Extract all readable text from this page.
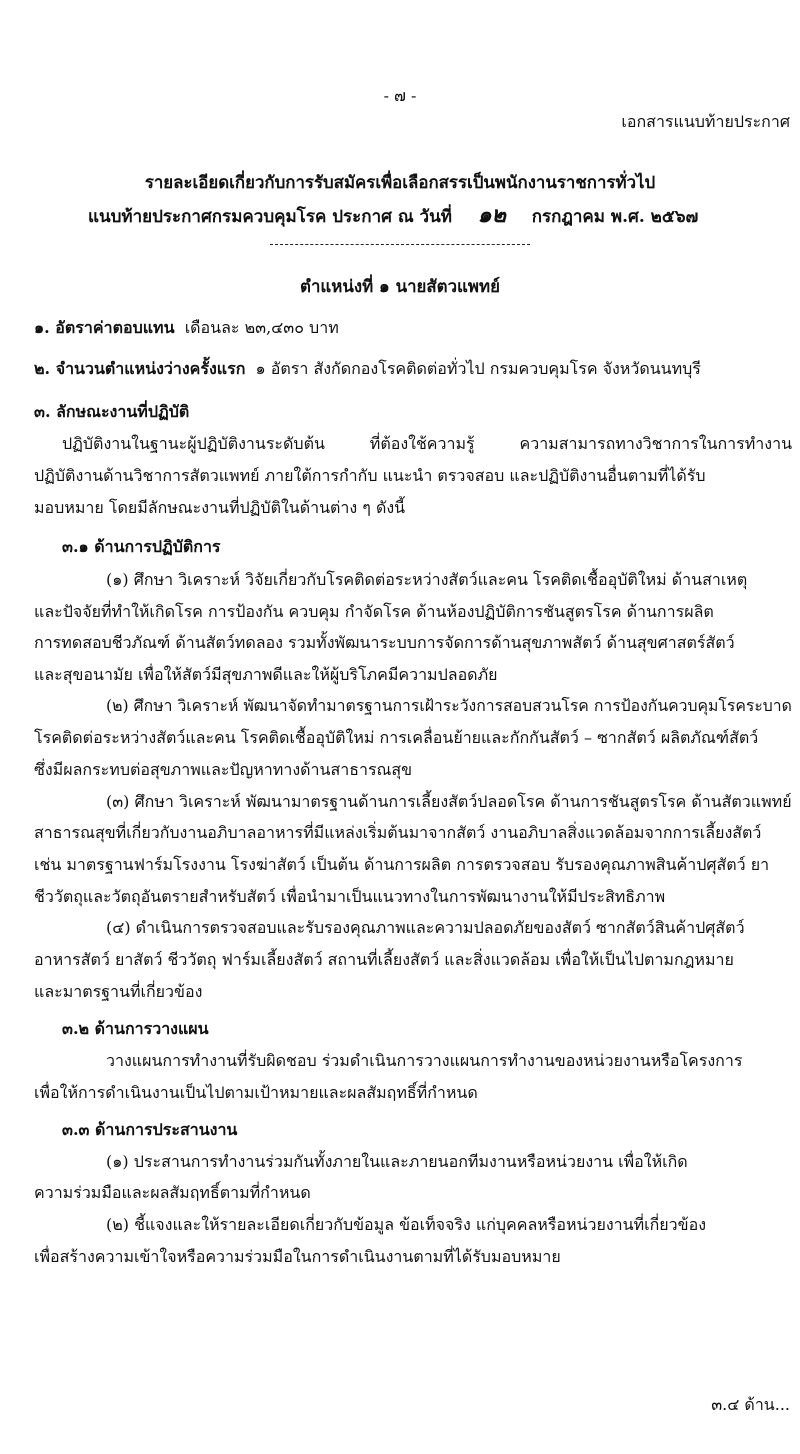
- ๗ -
เอกสารแนบท้ายประกาศ
รายละเอียดเกี่ยวกับการรับสมัครเพื่อเลือกสรรเป็นพนักงานราชการทั่วไป
แนบท้ายประกาศกรมควบคุมโรค ประกาศ ณ วันที่ ๑๒ กรกฎาคม พ.ศ. ๒๕๖๗
ตำแหน่งที่ ๑ นายสัตวแพทย์
๑. อัตราค่าตอบแทน เดือนละ ๒๓,๔๓๐ บาท
๒. จำนวนตำแหน่งว่างครั้งแรก ๑ อัตรา สังกัดกองโรคติดต่อทั่วไป กรมควบคุมโรค จังหวัดนนทบุรี
๓. ลักษณะงานที่ปฏิบัติ
ปฏิบัติงานในฐานะผู้ปฏิบัติงานระดับต้น ที่ต้องใช้ความรู้ ความสามารถทางวิชาการในการทำงาน
ปฏิบัติงานด้านวิชาการสัตวแพทย์ ภายใต้การกำกับ แนะนำ ตรวจสอบ และปฏิบัติงานอื่นตามที่ได้รับ
มอบหมาย โดยมีลักษณะงานที่ปฏิบัติในด้านต่าง ๆ ดังนี้
๓.๑ ด้านการปฏิบัติการ
(๑) ศึกษา วิเคราะห์ วิจัยเกี่ยวกับโรคติดต่อระหว่างสัตว์และคน โรคติดเชื้ออุบัติใหม่ ด้านสาเหตุ
และปัจจัยที่ทำให้เกิดโรค การป้องกัน ควบคุม กำจัดโรค ด้านห้องปฏิบัติการชันสูตรโรค ด้านการผลิต
การทดสอบชีวภัณฑ์ ด้านสัตว์ทดลอง รวมทั้งพัฒนาระบบการจัดการด้านสุขภาพสัตว์ ด้านสุขศาสตร์สัตว์
และสุขอนามัย เพื่อให้สัตว์มีสุขภาพดีและให้ผู้บริโภคมีความปลอดภัย
(๒) ศึกษา วิเคราะห์ พัฒนาจัดทำมาตรฐานการเฝ้าระวังการสอบสวนโรค การป้องกันควบคุมโรคระบาด
โรคติดต่อระหว่างสัตว์และคน โรคติดเชื้ออุบัติใหม่ การเคลื่อนย้ายและกักกันสัตว์ – ซากสัตว์ ผลิตภัณฑ์สัตว์
ซึ่งมีผลกระทบต่อสุขภาพและปัญหาทางด้านสาธารณสุข
(๓) ศึกษา วิเคราะห์ พัฒนามาตรฐานด้านการเลี้ยงสัตว์ปลอดโรค ด้านการชันสูตรโรค ด้านสัตวแพทย์
สาธารณสุขที่เกี่ยวกับงานอภิบาลอาหารที่มีแหล่งเริ่มต้นมาจากสัตว์ งานอภิบาลสิ่งแวดล้อมจากการเลี้ยงสัตว์
เช่น มาตรฐานฟาร์มโรงงาน โรงฆ่าสัตว์ เป็นต้น ด้านการผลิต การตรวจสอบ รับรองคุณภาพสินค้าปศุสัตว์ ยา
ชีววัตถุและวัตถุอันตรายสำหรับสัตว์ เพื่อนำมาเป็นแนวทางในการพัฒนางานให้มีประสิทธิภาพ
(๔) ดำเนินการตรวจสอบและรับรองคุณภาพและความปลอดภัยของสัตว์ ซากสัตว์สินค้าปศุสัตว์
อาหารสัตว์ ยาสัตว์ ชีววัตถุ ฟาร์มเลี้ยงสัตว์ สถานที่เลี้ยงสัตว์ และสิ่งแวดล้อม เพื่อให้เป็นไปตามกฎหมาย
และมาตรฐานที่เกี่ยวข้อง
๓.๒ ด้านการวางแผน
วางแผนการทำงานที่รับผิดชอบ ร่วมดำเนินการวางแผนการทำงานของหน่วยงานหรือโครงการ
เพื่อให้การดำเนินงานเป็นไปตามเป้าหมายและผลสัมฤทธิ์ที่กำหนด
๓.๓ ด้านการประสานงาน
(๑) ประสานการทำงานร่วมกันทั้งภายในและภายนอกทีมงานหรือหน่วยงาน เพื่อให้เกิด
ความร่วมมือและผลสัมฤทธิ์ตามที่กำหนด
(๒) ชี้แจงและให้รายละเอียดเกี่ยวกับข้อมูล ข้อเท็จจริง แก่บุคคลหรือหน่วยงานที่เกี่ยวข้อง
เพื่อสร้างความเข้าใจหรือความร่วมมือในการดำเนินงานตามที่ได้รับมอบหมาย
๓.๔ ด้าน...
